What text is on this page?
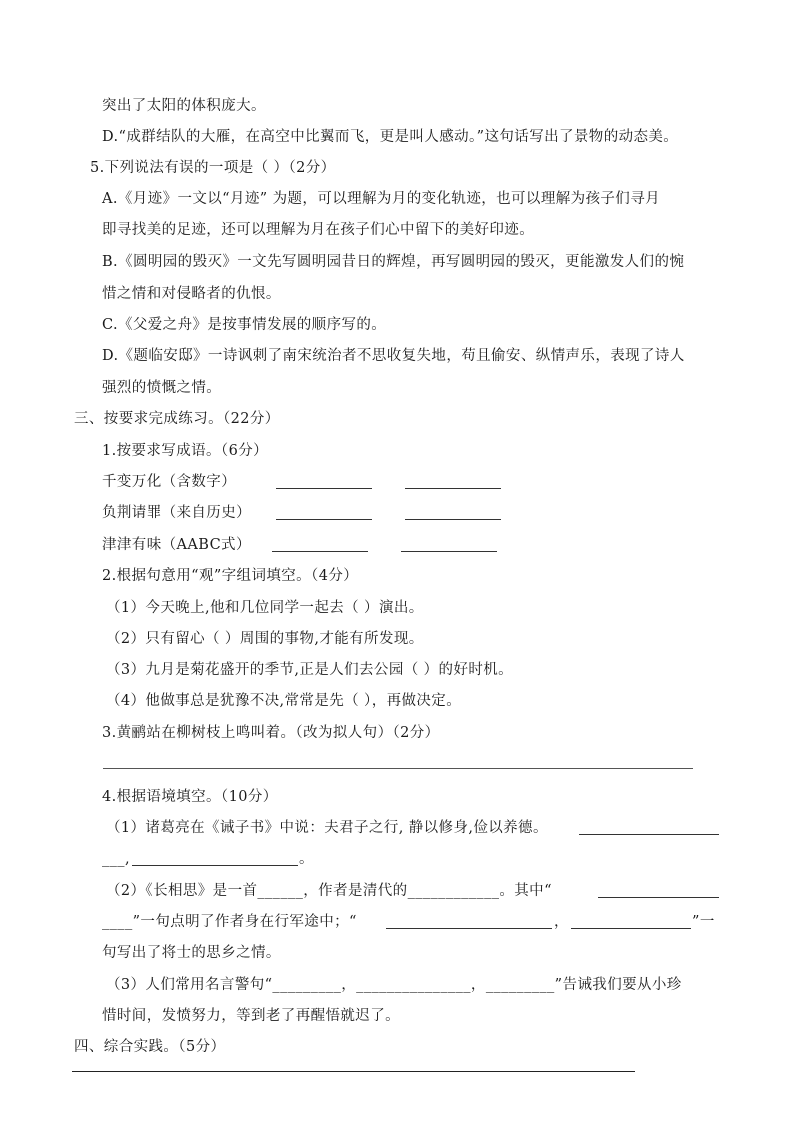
突出了太阳的体积庞大。
D.“成群结队的大雁，在高空中比翼而飞，更是叫人感动。”这句话写出了景物的动态美。
5.下列说法有误的一项是（ ）（2分）
A.《月迹》一文以“月迹” 为题，可以理解为月的变化轨迹，也可以理解为孩子们寻月
即寻找美的足迹，还可以理解为月在孩子们心中留下的美好印迹。
B.《圆明园的毁灭》一文先写圆明园昔日的辉煌，再写圆明园的毁灭，更能激发人们的惋
惜之情和对侵略者的仇恨。
C.《父爱之舟》是按事情发展的顺序写的。
D.《题临安邸》一诗讽刺了南宋统治者不思收复失地，苟且偷安、纵情声乐，表现了诗人
强烈的愤慨之情。
三、按要求完成练习。（22分）
1.按要求写成语。（6分）
千变万化（含数字）
负荆请罪（来自历史）
津津有味（AABC式）
2.根据句意用“观”字组词填空。（4分）
（1）今天晚上,他和几位同学一起去（ ）演出。
（2）只有留心（ ）周围的事物,才能有所发现。
（3）九月是菊花盛开的季节,正是人们去公园（ ）的好时机。
（4）他做事总是犹豫不决,常常是先（ ），再做决定。
3.黄鹂站在柳树枝上鸣叫着。（改为拟人句）（2分）
4.根据语境填空。（10分）
（1）诸葛亮在《诫子书》中说：夫君子之行, 静以修身,俭以养德。
___,	。
（2）《长相思》是一首______，作者是清代的____________。其中“
____”一句点明了作者身在行军途中；“	，	”一
句写出了将士的思乡之情。
（3）人们常用名言警句“_________，_______________，_________”告诫我们要从小珍
惜时间，发愤努力，等到老了再醒悟就迟了。
四、综合实践。（5分）
